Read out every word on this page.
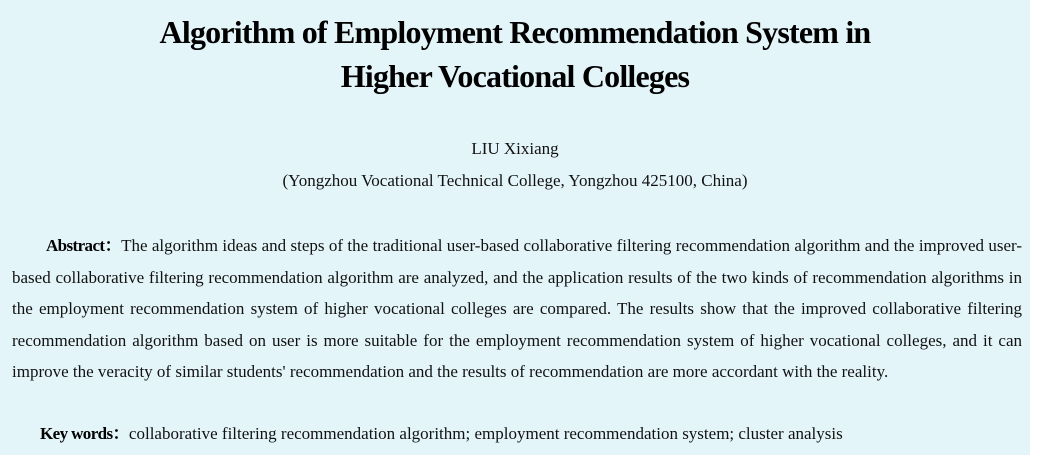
Algorithm of Employment Recommendation System in
Higher Vocational Colleges
LIU Xixiang
(Yongzhou Vocational Technical College, Yongzhou 425100, China)

Abstract：The algorithm ideas and steps of the traditional user-based collaborative filtering recommendation algorithm and the improved user-based collaborative filtering recommendation algorithm are analyzed, and the application results of the two kinds of recommendation algorithms in the employment recommendation system of higher vocational colleges are compared. The results show that the improved collaborative filtering recommendation algorithm based on user is more suitable for the employment recommendation system of higher vocational colleges, and it can improve the veracity of similar students' recommendation and the results of recommendation are more accordant with the reality.

Key words：collaborative filtering recommendation algorithm; employment recommendation system; cluster analysis
